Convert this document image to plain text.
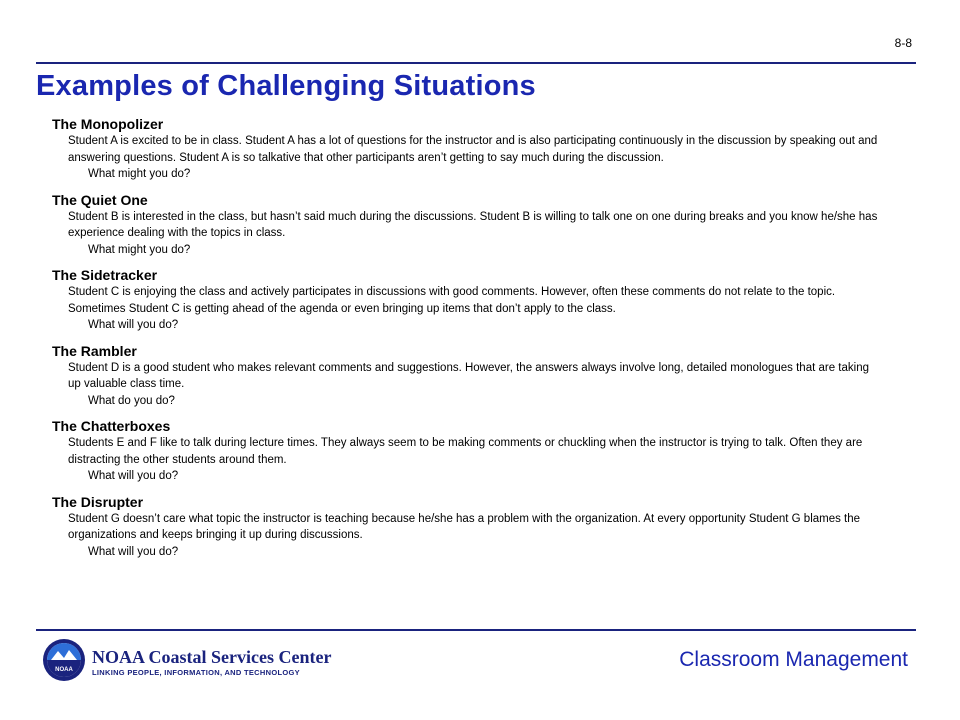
8-8
Examples of Challenging Situations

The Monopolizer

Student A is excited to be in class. Student A has a lot of questions for the instructor and is also participating continuously in the discussion by speaking out and answering questions. Student A is so talkative that other participants aren’t getting to say much during the discussion.

What might you do?

The Quiet One

Student B is interested in the class, but hasn’t said much during the discussions. Student B is willing to talk one on one during breaks and you know he/she has experience dealing with the topics in class.

What might you do?

The Sidetracker

Student C is enjoying the class and actively participates in discussions with good comments. However, often these comments do not relate to the topic. Sometimes Student C is getting ahead of the agenda or even bringing up items that don’t apply to the class.

What will you do?

The Rambler

Student D is a good student who makes relevant comments and suggestions. However, the answers always involve long, detailed monologues that are taking up valuable class time.

What do you do?

The Chatterboxes

Students E and F like to talk during lecture times. They always seem to be making comments or chuckling when the instructor is trying to talk. Often they are distracting the other students around them.

What will you do?

The Disrupter

Student G doesn’t care what topic the instructor is teaching because he/she has a problem with the organization. At every opportunity Student G blames the organizations and keeps bringing it up during discussions.

What will you do?

NOAA
NOAA Coastal Services Center
LINKING PEOPLE, INFORMATION, AND TECHNOLOGY
Classroom Management
